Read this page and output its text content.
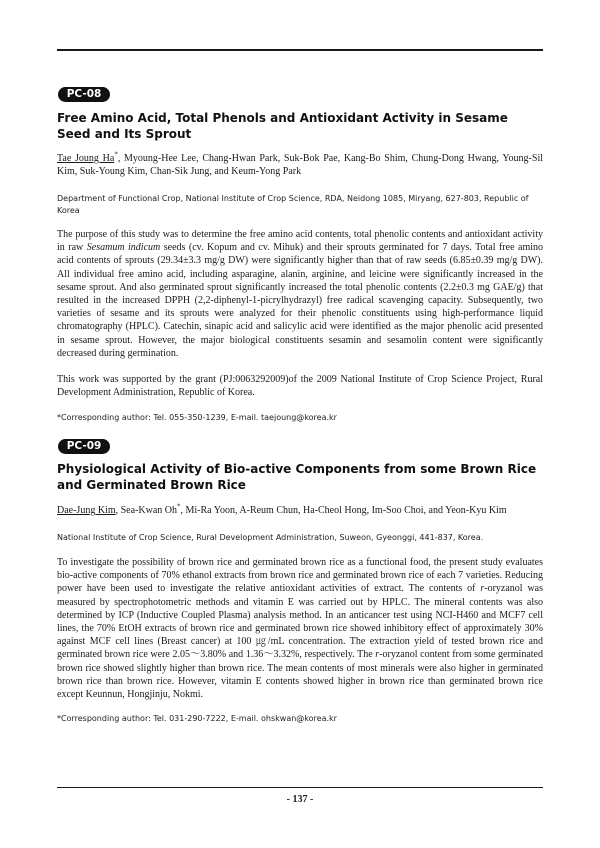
PC-08
Free Amino Acid, Total Phenols and Antioxidant Activity in Sesame Seed and Its Sprout
Tae Joung Ha*, Myoung-Hee Lee, Chang-Hwan Park, Suk-Bok Pae, Kang-Bo Shim, Chung-Dong Hwang, Young-Sil Kim, Suk-Young Kim, Chan-Sik Jung, and Keum-Yong Park
Department of Functional Crop, National Institute of Crop Science, RDA, Neidong 1085, Miryang, 627-803, Republic of Korea
The purpose of this study was to determine the free amino acid contents, total phenolic contents and antioxidant activity in raw Sesamum indicum seeds (cv. Kopum and cv. Mihuk) and their sprouts germinated for 7 days. Total free amino acid contents of sprouts (29.34±3.3 mg/g DW) were significantly higher than that of raw seeds (6.85±0.39 mg/g DW). All individual free amino acid, including asparagine, alanin, arginine, and leicine were significantly increased in the sesame sprout. And also germinated sprout significantly increased the total phenolic contents (2.2±0.3 mg GAE/g) that resulted in the increased DPPH (2,2-diphenyl-1-picrylhydrazyl) free radical scavenging capacity. Subsequently, two varieties of sesame and its sprouts were analyzed for their phenolic constituents using high-performance liquid chromatography (HPLC). Catechin, sinapic acid and salicylic acid were identified as the major phenolic acid presented in sesame sprout. However, the major biological constituents sesamin and sesamolin content were significantly decreased during germination.
This work was supported by the grant (PJ:0063292009)of the 2009 National Institute of Crop Science Project, Rural Development Administration, Republic of Korea.
*Corresponding author: Tel. 055-350-1239, E-mail. taejoung@korea.kr
PC-09
Physiological Activity of Bio-active Components from some Brown Rice and Germinated Brown Rice
Dae-Jung Kim, Sea-Kwan Oh*, Mi-Ra Yoon, A-Reum Chun, Ha-Cheol Hong, Im-Soo Choi, and Yeon-Kyu Kim
National Institute of Crop Science, Rural Development Administration, Suweon, Gyeonggi, 441-837, Korea.
To investigate the possibility of brown rice and germinated brown rice as a functional food, the present study evaluates bio-active components of 70% ethanol extracts from brown rice and germinated brown rice of each 7 varieties. Reducing power have been used to investigate the relative antioxidant activities of extract. The contents of r-oryzanol was measured by spectrophotometric methods and vitamin E was carried out by HPLC. The mineral contents was also determined by ICP (Inductive Coupled Plasma) analysis method. In an anticancer test using NCI-H460 and MCF7 cell lines, the 70% EtOH extracts of brown rice and germinated brown rice showed inhibitory effect of approximately 30% against MCF cell lines (Breast cancer) at 100 ㎍/mL concentration. The extraction yield of tested brown rice and germinated brown rice were 2.05～3.80% and 1.36～3.32%, respectively. The r-oryzanol content from some germinated brown rice showed slightly higher than brown rice. The mean contents of most minerals were also higher in germinated brown rice than brown rice. However, vitamin E contents showed higher in brown rice than germinated brown rice except Keunnun, Hongjinju, Nokmi.
*Corresponding author: Tel. 031-290-7222, E-mail. ohskwan@korea.kr
- 137 -
